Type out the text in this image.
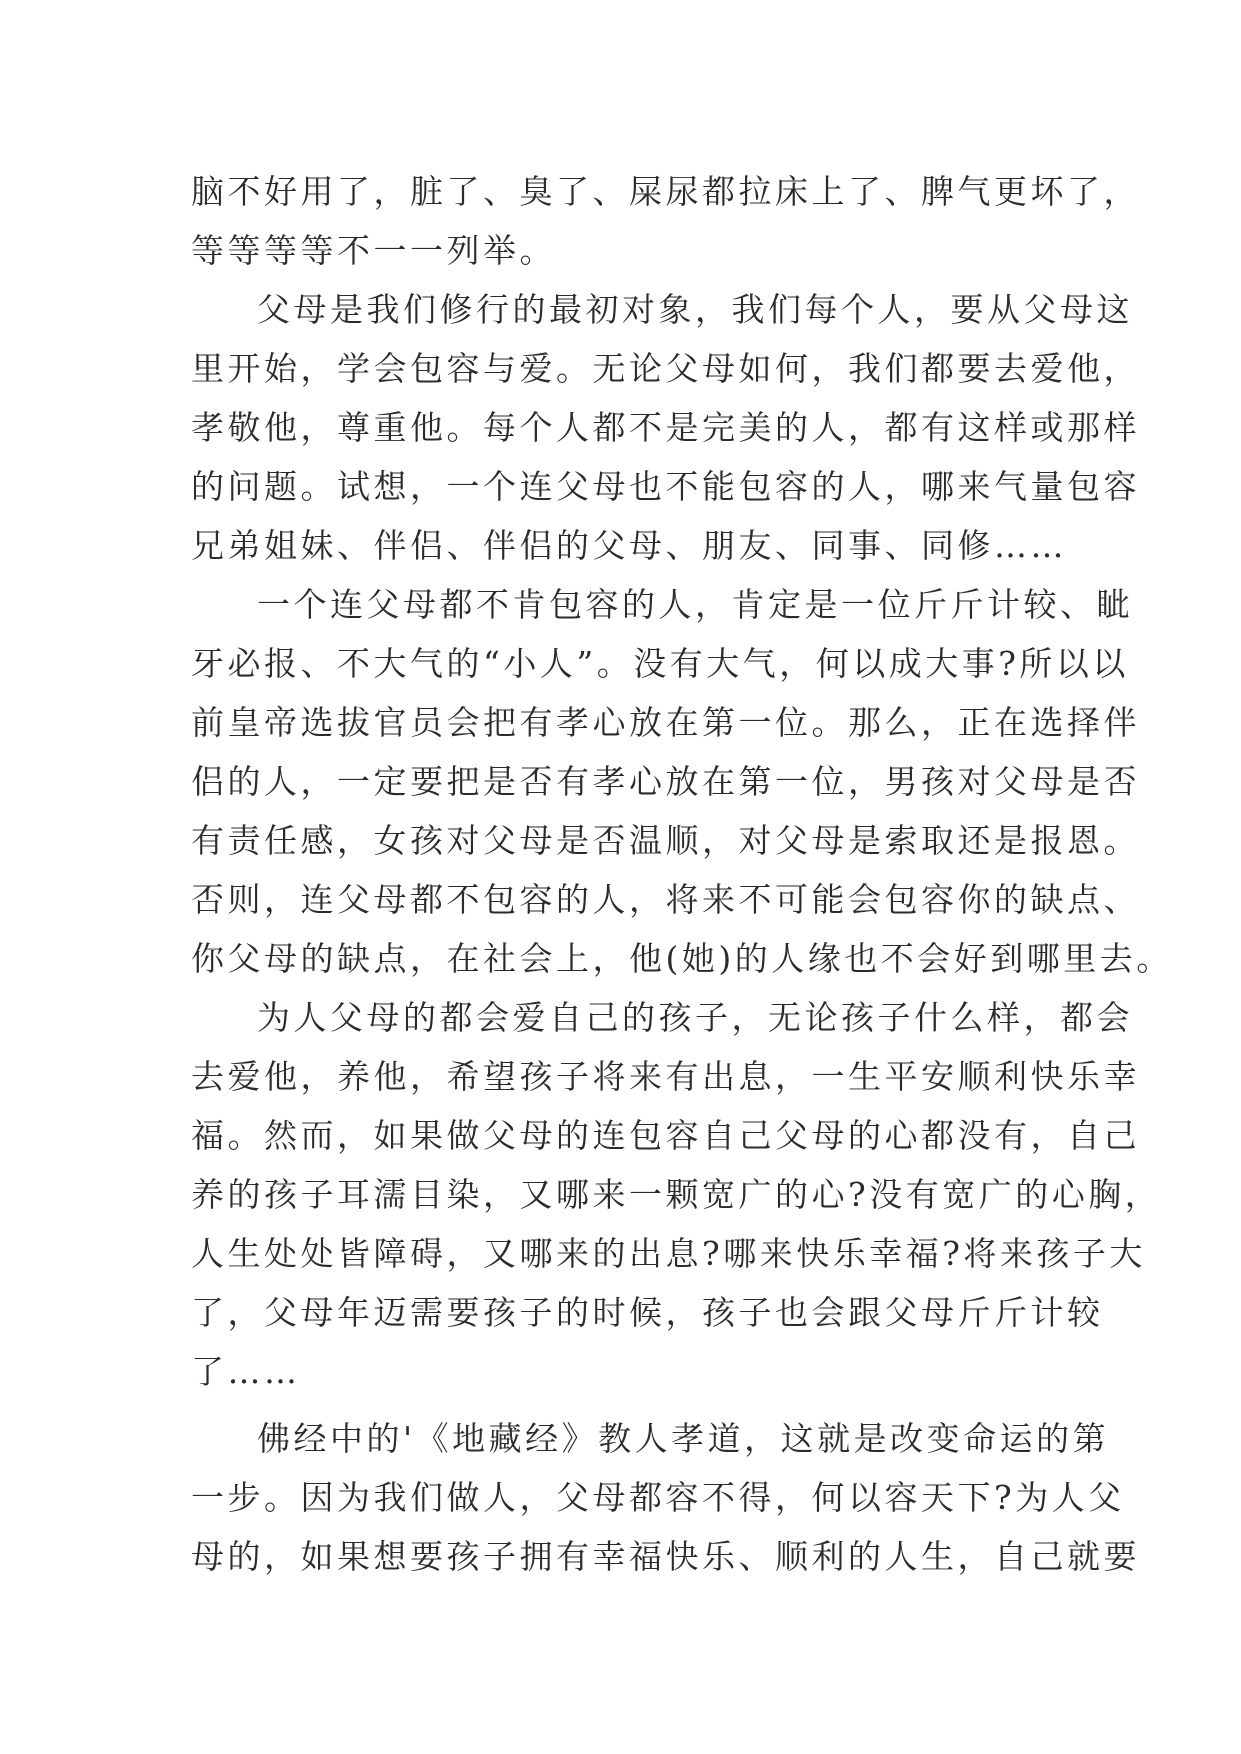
脑不好用了，脏了、臭了、屎尿都拉床上了、脾气更坏了，
等等等等不一一列举。
父母是我们修行的最初对象，我们每个人，要从父母这
里开始，学会包容与爱。无论父母如何，我们都要去爱他，
孝敬他，尊重他。每个人都不是完美的人，都有这样或那样
的问题。试想，一个连父母也不能包容的人，哪来气量包容
兄弟姐妹、伴侣、伴侣的父母、朋友、同事、同修……
一个连父母都不肯包容的人，肯定是一位斤斤计较、眦
牙必报、不大气的“小人”。没有大气，何以成大事?所以以
前皇帝选拔官员会把有孝心放在第一位。那么，正在选择伴
侣的人，一定要把是否有孝心放在第一位，男孩对父母是否
有责任感，女孩对父母是否温顺，对父母是索取还是报恩。
否则，连父母都不包容的人，将来不可能会包容你的缺点、
你父母的缺点，在社会上，他(她)的人缘也不会好到哪里去。
为人父母的都会爱自己的孩子，无论孩子什么样，都会
去爱他，养他，希望孩子将来有出息，一生平安顺利快乐幸
福。然而，如果做父母的连包容自己父母的心都没有，自己
养的孩子耳濡目染，又哪来一颗宽广的心?没有宽广的心胸，
人生处处皆障碍，又哪来的出息?哪来快乐幸福?将来孩子大
了，父母年迈需要孩子的时候，孩子也会跟父母斤斤计较
了……
佛经中的'《地藏经》教人孝道，这就是改变命运的第
一步。因为我们做人，父母都容不得，何以容天下?为人父
母的，如果想要孩子拥有幸福快乐、顺利的人生，自己就要
